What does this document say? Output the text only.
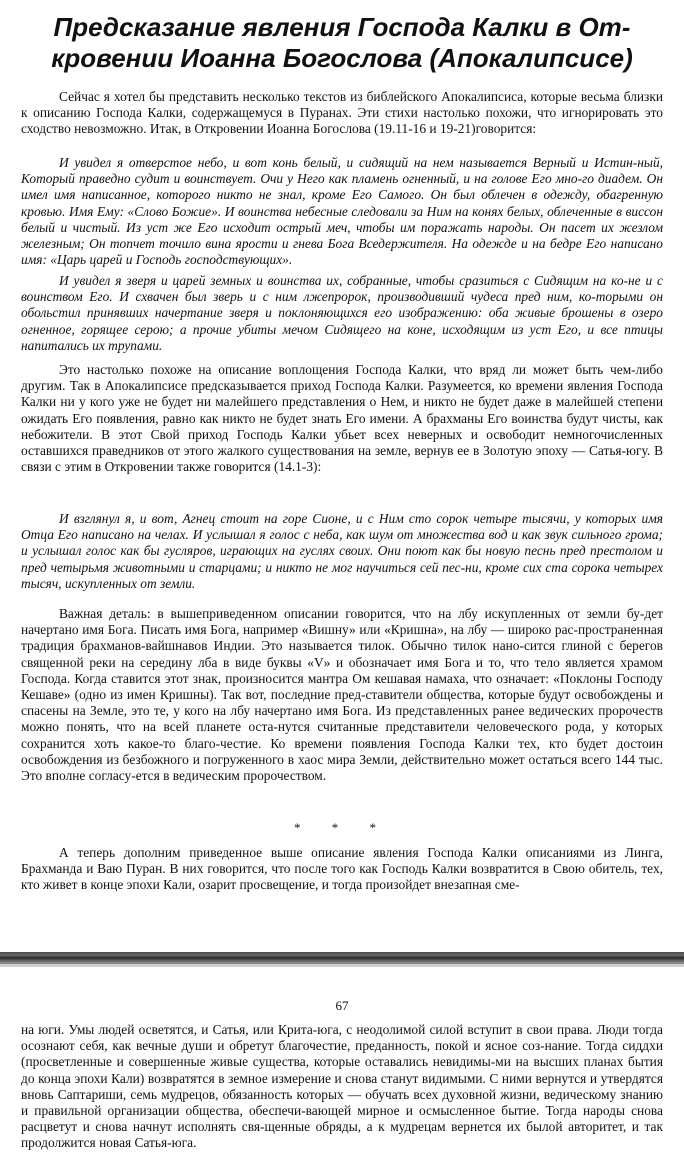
Предсказание явления Господа Калки в От-кровении Иоанна Богослова (Апокалипсисе)

Сейчас я хотел бы представить несколько текстов из библейского Апокалипсиса, которые весьма близки к описанию Господа Калки, содержащемуся в Пуранах. Эти стихи настолько похожи, что игнорировать это сходство невозможно. Итак, в Откровении Иоанна Богослова (19.11-16 и 19-21)говорится:

И увидел я отверстое небо, и вот конь белый, и сидящий на нем называется Верный и Истин-ный, Который праведно судит и воинствует. Очи у Него как пламень огненный, и на голове Его мно-го диадем. Он имел имя написанное, которого никто не знал, кроме Его Самого. Он был облечен в одежду, обагренную кровью. Имя Ему: «Слово Божие». И воинства небесные следовали за Ним на конях белых, облеченные в виссон белый и чистый. Из уст же Его исходит острый меч, чтобы им поражать народы. Он пасет их жезлом железным; Он топчет точило вина ярости и гнева Бога Вседержителя. На одежде и на бедре Его написано имя: «Царь царей и Господь господствующих».

И увидел я зверя и царей земных и воинства их, собранные, чтобы сразиться с Сидящим на ко-не и с воинством Его. И схвачен был зверь и с ним лжепророк, производивший чудеса пред ним, ко-торыми он обольстил принявших начертание зверя и поклоняющихся его изображению: оба живые брошены в озеро огненное, горящее серою; а прочие убиты мечом Сидящего на коне, исходящим из уст Его, и все птицы напитались их трупами.

Это настолько похоже на описание воплощения Господа Калки, что вряд ли может быть чем-либо другим. Так в Апокалипсисе предсказывается приход Господа Калки. Разумеется, ко времени явления Господа Калки ни у кого уже не будет ни малейшего представления о Нем, и никто не будет даже в малейшей степени ожидать Его появления, равно как никто не будет знать Его имени. А брахманы Его воинства будут чисты, как небожители. В этот Свой приход Господь Калки убьет всех неверных и освободит немногочисленных оставшихся праведников от этого жалкого существования на земле, вернув ее в Золотую эпоху — Сатья-югу. В связи с этим в Откровении также говорится (14.1-3):

И взглянул я, и вот, Агнец стоит на горе Сионе, и с Ним сто сорок четыре тысячи, у которых имя Отца Его написано на челах. И услышал я голос с неба, как шум от множества вод и как звук сильного грома; и услышал голос как бы гусляров, играющих на гуслях своих. Они поют как бы новую песнь пред престолом и пред четырьмя животными и старцами; и никто не мог научиться сей пес-ни, кроме сих ста сорока четырех тысяч, искупленных от земли.

Важная деталь: в вышеприведенном описании говорится, что на лбу искупленных от земли бу-дет начертано имя Бога. Писать имя Бога, например «Вишну» или «Кришна», на лбу — широко рас-пространенная традиция брахманов-вайшнавов Индии. Это называется тилок. Обычно тилок нано-сится глиной с берегов священной реки на середину лба в виде буквы «V» и обозначает имя Бога и то, что тело является храмом Господа. Когда ставится этот знак, произносится мантра Ом кешавая намаха, что означает: «Поклоны Господу Кешаве» (одно из имен Кришны). Так вот, последние пред-ставители общества, которые будут освобождены и спасены на Земле, это те, у кого на лбу начертано имя Бога. Из представленных ранее ведических пророчеств можно понять, что на всей планете оста-нутся считанные представители человеческого рода, у которых сохранится хоть какое-то благо-честие. Ко времени появления Господа Калки тех, кто будет достоин освобождения из безбожного и погруженного в хаос мира Земли, действительно может остаться всего 144 тыс. Это вполне согласу-ется в ведическим пророчеством.

* * *

А теперь дополним приведенное выше описание явления Господа Калки описаниями из Линга, Брахманда и Ваю Пуран. В них говорится, что после того как Господь Калки возвратится в Свою обитель, тех, кто живет в конце эпохи Кали, озарит просвещение, и тогда произойдет внезапная сме-

67

на юги. Умы людей осветятся, и Сатья, или Крита-юга, с неодолимой силой вступит в свои права. Люди тогда осознают себя, как вечные души и обретут благочестие, преданность, покой и ясное соз-нание. Тогда сиддхи (просветленные и совершенные живые существа, которые оставались невидимы-ми на высших планах бытия до конца эпохи Кали) возвратятся в земное измерение и снова станут видимыми. С ними вернутся и утвердятся вновь Саптариши, семь мудрецов, обязанность которых — обучать всех духовной жизни, ведическому знанию и правильной организации общества, обеспечи-вающей мирное и осмысленное бытие. Тогда народы снова расцветут и снова начнут исполнять свя-щенные обряды, а к мудрецам вернется их былой авторитет, и так продолжится новая Сатья-юга.
